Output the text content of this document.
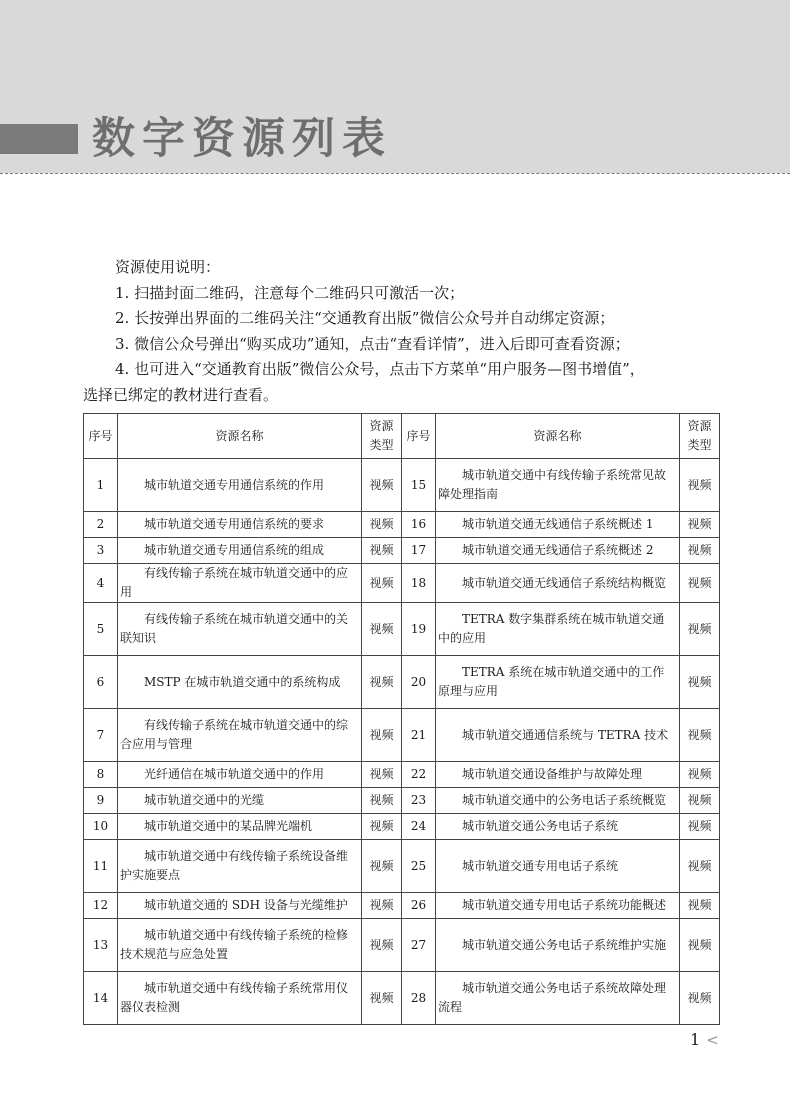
数字资源列表

资源使用说明：

1. 扫描封面二维码，注意每个二维码只可激活一次；

2. 长按弹出界面的二维码关注“交通教育出版”微信公众号并自动绑定资源；

3. 微信公众号弹出“购买成功”通知，点击“查看详情”，进入后即可查看资源；

4. 也可进入“交通教育出版”微信公众号，点击下方菜单“用户服务—图书增值”，

选择已绑定的教材进行查看。

序号	资源名称	资源类型	序号	资源名称	资源类型
1	城市轨道交通专用通信系统的作用	视频	15	城市轨道交通中有线传输子系统常见故障处理指南	视频
2	城市轨道交通专用通信系统的要求	视频	16	城市轨道交通无线通信子系统概述 1	视频
3	城市轨道交通专用通信系统的组成	视频	17	城市轨道交通无线通信子系统概述 2	视频
4	有线传输子系统在城市轨道交通中的应用	视频	18	城市轨道交通无线通信子系统结构概览	视频
5	有线传输子系统在城市轨道交通中的关联知识	视频	19	TETRA 数字集群系统在城市轨道交通中的应用	视频
6	MSTP 在城市轨道交通中的系统构成	视频	20	TETRA 系统在城市轨道交通中的工作原理与应用	视频
7	有线传输子系统在城市轨道交通中的综合应用与管理	视频	21	城市轨道交通通信系统与 TETRA 技术	视频
8	光纤通信在城市轨道交通中的作用	视频	22	城市轨道交通设备维护与故障处理	视频
9	城市轨道交通中的光缆	视频	23	城市轨道交通中的公务电话子系统概览	视频
10	城市轨道交通中的某品牌光端机	视频	24	城市轨道交通公务电话子系统	视频
11	城市轨道交通中有线传输子系统设备维护实施要点	视频	25	城市轨道交通专用电话子系统	视频
12	城市轨道交通的 SDH 设备与光缆维护	视频	26	城市轨道交通专用电话子系统功能概述	视频
13	城市轨道交通中有线传输子系统的检修技术规范与应急处置	视频	27	城市轨道交通公务电话子系统维护实施	视频
14	城市轨道交通中有线传输子系统常用仪器仪表检测	视频	28	城市轨道交通公务电话子系统故障处理流程	视频
1 <
